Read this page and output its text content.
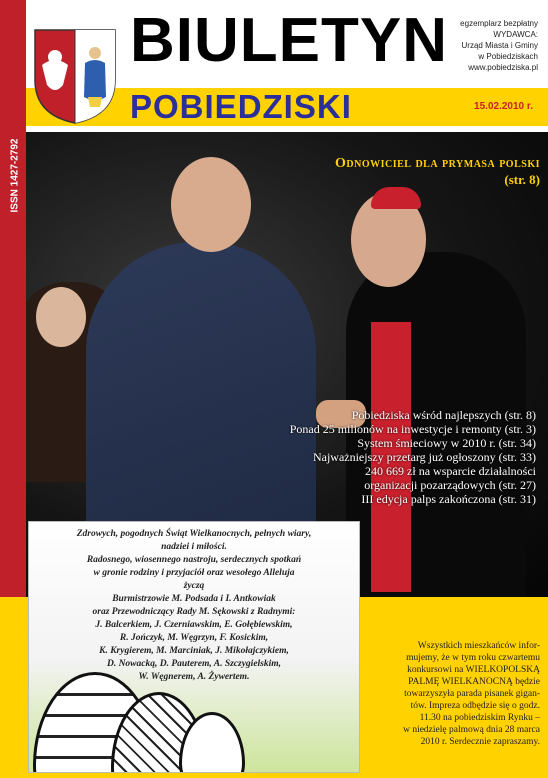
BIULETYN
POBIEDZISKI	15.02.2010 r.
egzemplarz bezpłatny
WYDAWCA:
Urząd Miasta i Gminy
w Pobiedziskach
www.pobiedziska.pl
ISSN 1427-2792	Odnowiciel dla prymasa polski
(str. 8)
Pobiedziska wśród najlepszych (str. 8)
Ponad 25 milionów na inwestycje i remonty (str. 3)
System śmieciowy w 2010 r. (str. 34)
Najważniejszy przetarg już ogłoszony (str. 33)
240 669 zł na wsparcie działalności
organizacji pozarządowych (str. 27)
III edycja palps zakończona (str. 31)
Zdrowych, pogodnych Świąt Wielkanocnych, pełnych wiary,
nadziei i miłości.
Radosnego, wiosennego nastroju, serdecznych spotkań
w gronie rodziny i przyjaciół oraz wesołego Alleluja
życzą
Burmistrzowie M. Podsada i I. Antkowiak
oraz Przewodniczący Rady M. Sękowski z Radnymi:
J. Balcerkiem, J. Czerniawskim, E. Gołębiewskim,
R. Jończyk, M. Węgrzyn, F. Kosickim,
K. Krygierem, M. Marciniak, J. Mikołajczykiem,
D. Nowacką, D. Pauterem, A. Szczygielskim,
W. Węgnerem, A. Żywertem.
Wszystkich mieszkańców infor-
mujemy, że w tym roku czwartemu
konkursowi na WIELKOPOLSKĄ
PALMĘ WIELKANOCNĄ będzie
towarzyszyła parada pisanek gigan-
tów. Impreza odbędzie się o godz.
11.30 na pobiedziskim Rynku –
w niedzielę palmową dnia 28 marca
2010 r. Serdecznie zapraszamy.
